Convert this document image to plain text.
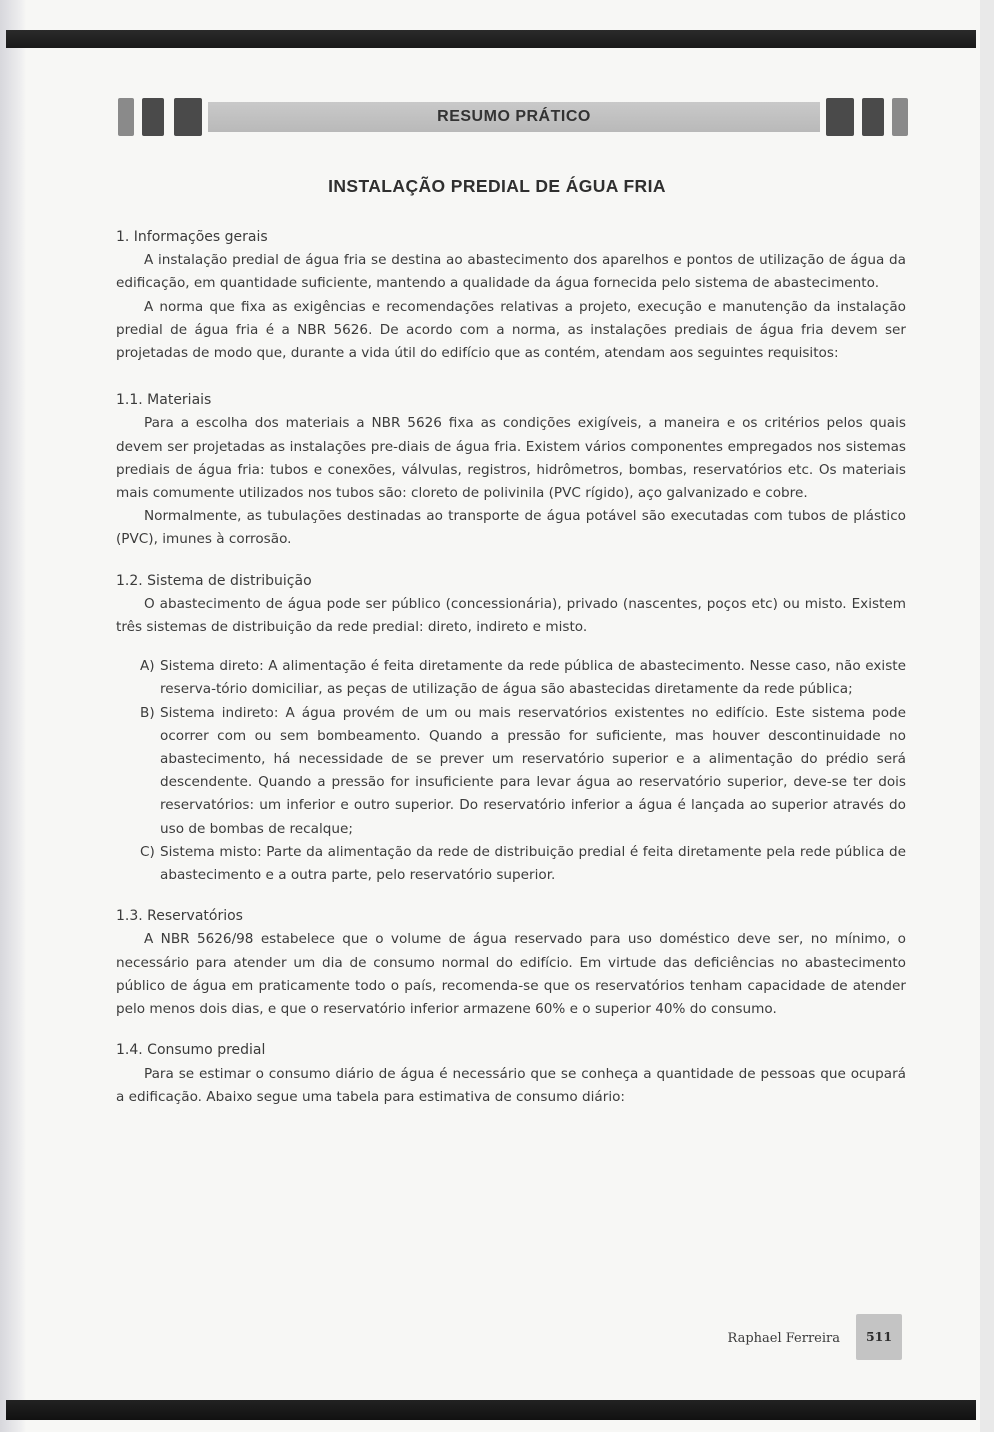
RESUMO PRÁTICO
INSTALAÇÃO PREDIAL DE ÁGUA FRIA

1. Informações gerais

A instalação predial de água fria se destina ao abastecimento dos aparelhos e pontos de utilização de água da edificação, em quantidade suficiente, mantendo a qualidade da água fornecida pelo sistema de abastecimento.

A norma que fixa as exigências e recomendações relativas a projeto, execução e manutenção da instalação predial de água fria é a NBR 5626. De acordo com a norma, as instalações prediais de água fria devem ser projetadas de modo que, durante a vida útil do edifício que as contém, atendam aos seguintes requisitos:

1.1. Materiais

Para a escolha dos materiais a NBR 5626 fixa as condições exigíveis, a maneira e os critérios pelos quais devem ser projetadas as instalações pre-diais de água fria. Existem vários componentes empregados nos sistemas prediais de água fria: tubos e conexões, válvulas, registros, hidrômetros, bombas, reservatórios etc. Os materiais mais comumente utilizados nos tubos são: cloreto de polivinila (PVC rígido), aço galvanizado e cobre.

Normalmente, as tubulações destinadas ao transporte de água potável são executadas com tubos de plástico (PVC), imunes à corrosão.

1.2. Sistema de distribuição

O abastecimento de água pode ser público (concessionária), privado (nascentes, poços etc) ou misto. Existem três sistemas de distribuição da rede predial: direto, indireto e misto.

A) Sistema direto: A alimentação é feita diretamente da rede pública de abastecimento. Nesse caso, não existe reserva-tório domiciliar, as peças de utilização de água são abastecidas diretamente da rede pública;
B) Sistema indireto: A água provém de um ou mais reservatórios existentes no edifício. Este sistema pode ocorrer com ou sem bombeamento. Quando a pressão for suficiente, mas houver descontinuidade no abastecimento, há necessidade de se prever um reservatório superior e a alimentação do prédio será descendente. Quando a pressão for insuficiente para levar água ao reservatório superior, deve-se ter dois reservatórios: um inferior e outro superior. Do reservatório inferior a água é lançada ao superior através do uso de bombas de recalque;
C) Sistema misto: Parte da alimentação da rede de distribuição predial é feita diretamente pela rede pública de abastecimento e a outra parte, pelo reservatório superior.

1.3. Reservatórios

A NBR 5626/98 estabelece que o volume de água reservado para uso doméstico deve ser, no mínimo, o necessário para atender um dia de consumo normal do edifício. Em virtude das deficiências no abastecimento público de água em praticamente todo o país, recomenda-se que os reservatórios tenham capacidade de atender pelo menos dois dias, e que o reservatório inferior armazene 60% e o superior 40% do consumo.

1.4. Consumo predial

Para se estimar o consumo diário de água é necessário que se conheça a quantidade de pessoas que ocupará a edificação. Abaixo segue uma tabela para estimativa de consumo diário:

Raphael Ferreira	511
